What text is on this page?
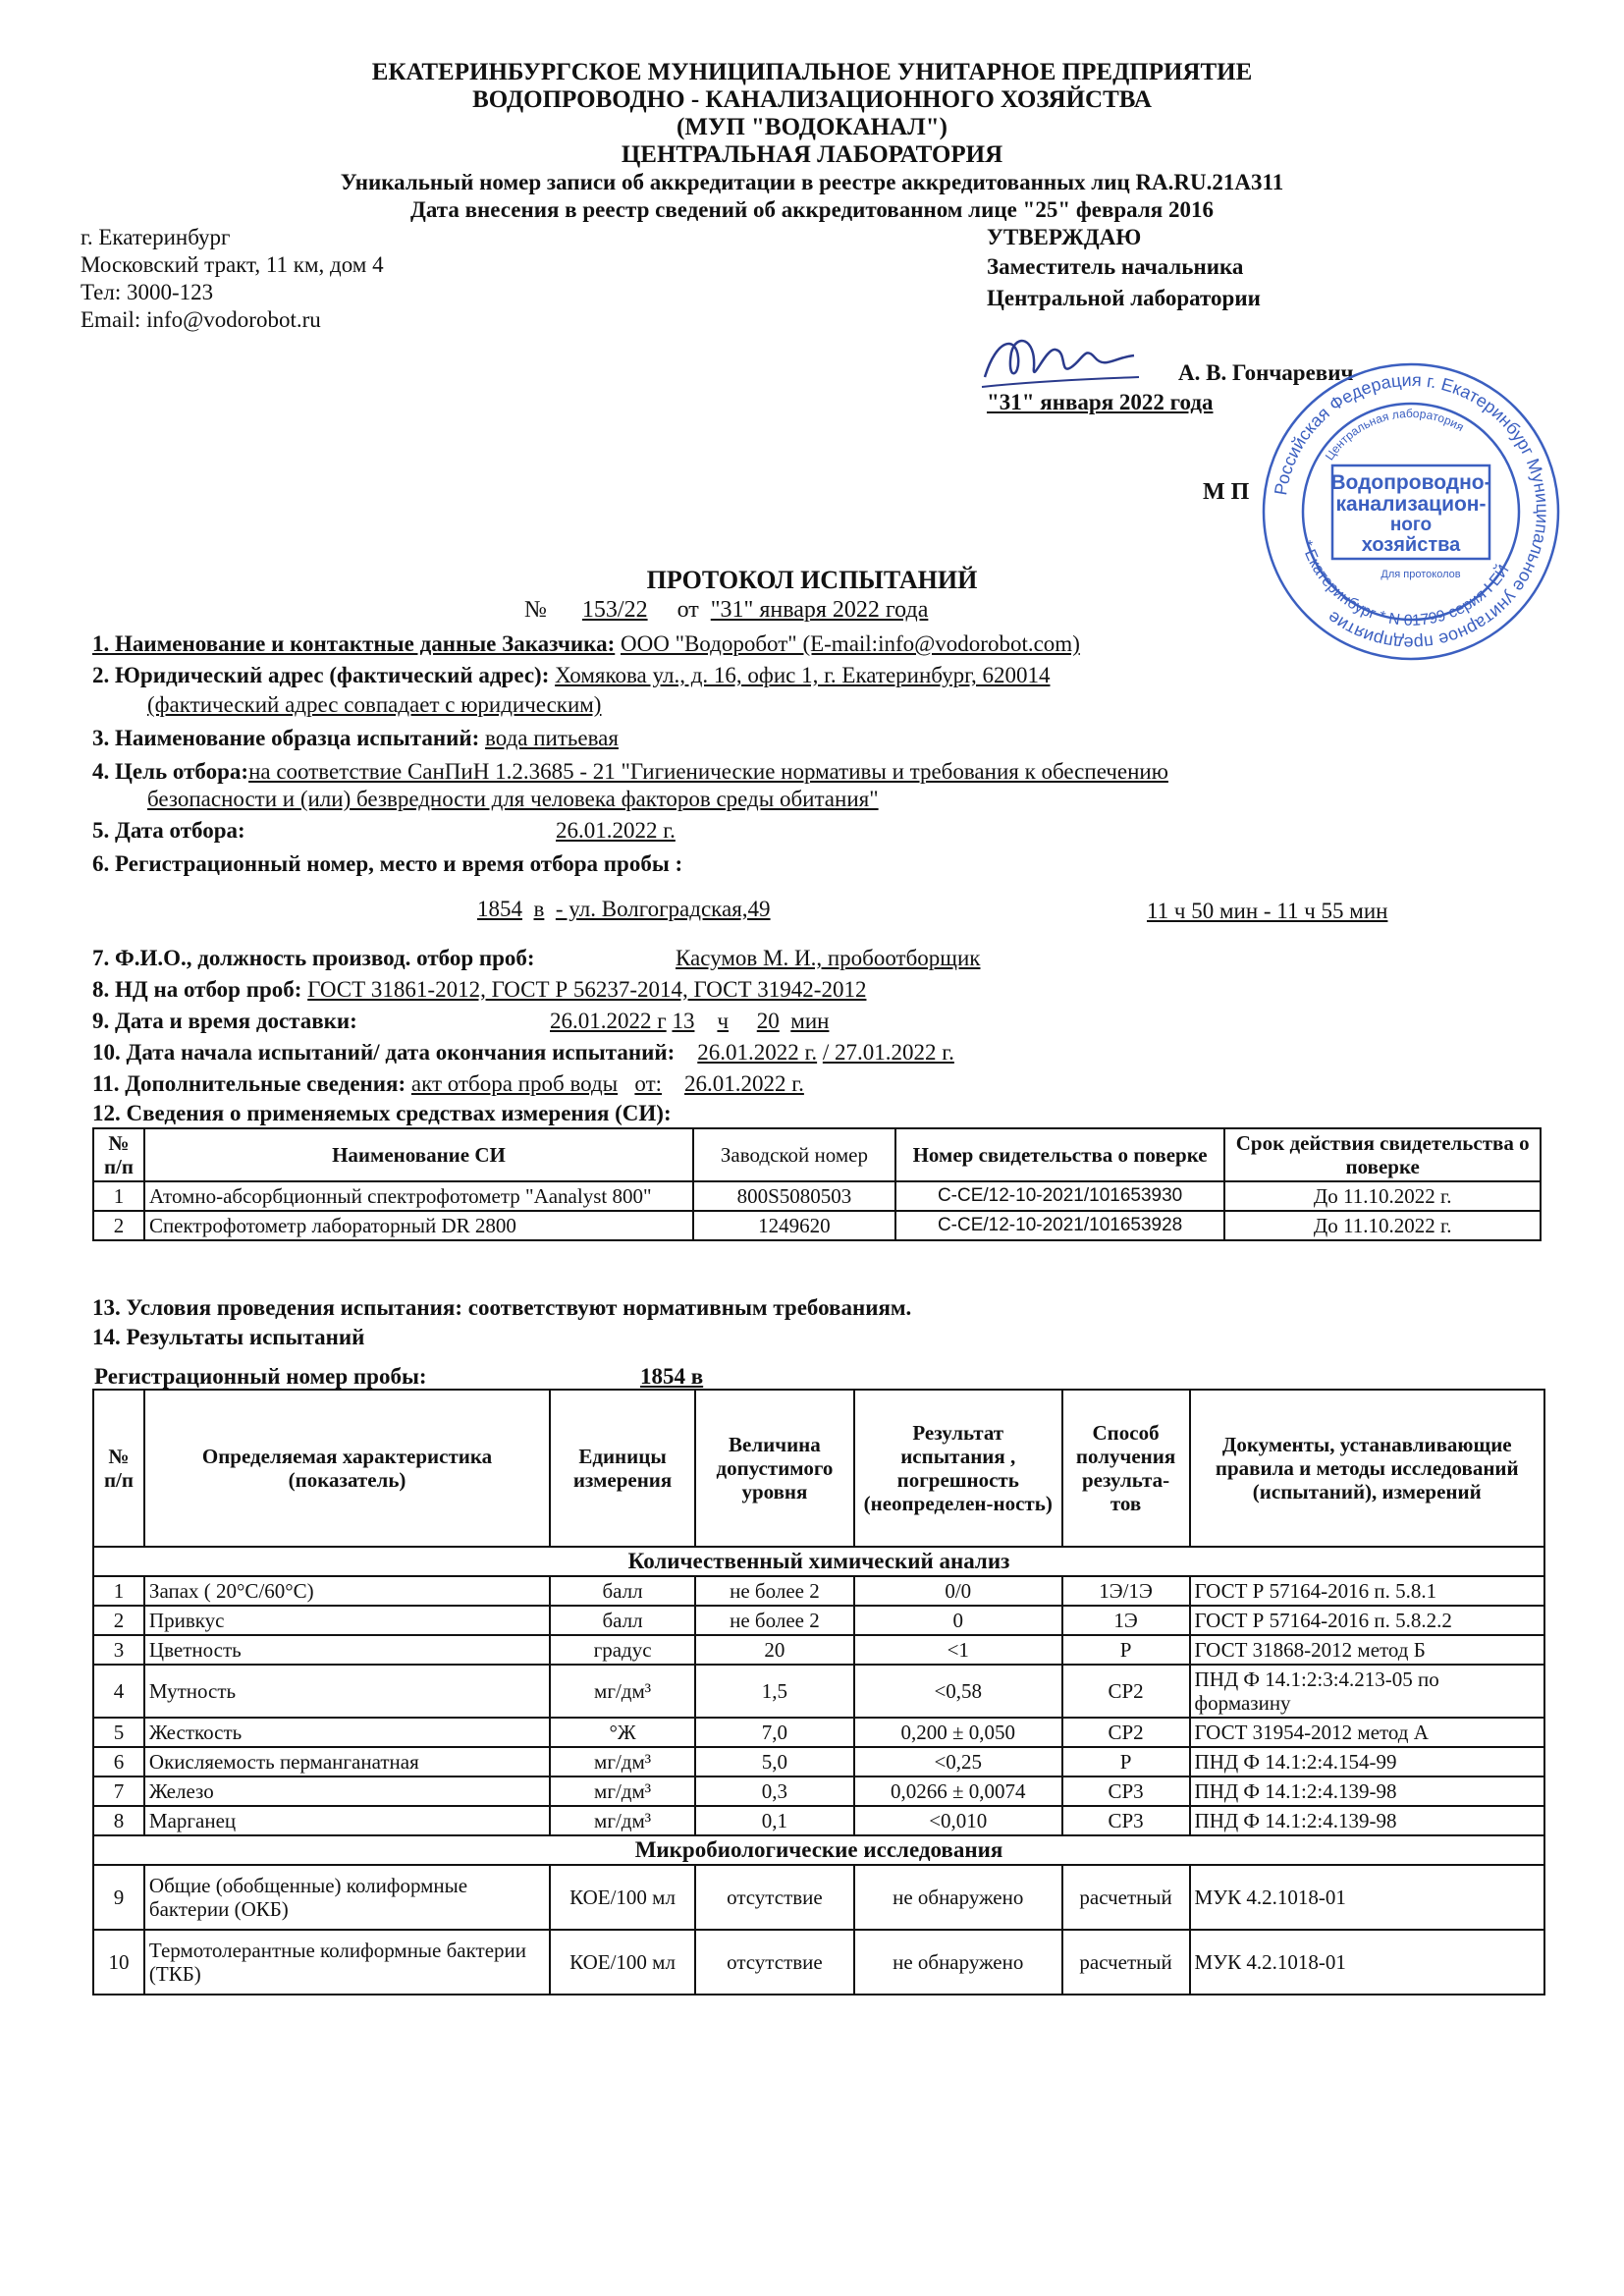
ЕКАТЕРИНБУРГСКОЕ МУНИЦИПАЛЬНОЕ УНИТАРНОЕ ПРЕДПРИЯТИЕ
ВОДОПРОВОДНО - КАНАЛИЗАЦИОННОГО ХОЗЯЙСТВА
(МУП "ВОДОКАНАЛ")
ЦЕНТРАЛЬНАЯ ЛАБОРАТОРИЯ
Уникальный номер записи об аккредитации в реестре аккредитованных лиц RA.RU.21А311
Дата внесения в реестр сведений об аккредитованном лице "25" февраля 2016
г. Екатеринбург
Московский тракт, 11 км, дом 4
Тел: 3000-123
Email: info@vodorobot.ru
УТВЕРЖДАЮ
Заместитель начальника
Центральной лаборатории
А. В. Гончаревич
"31" января 2022 года
М П Российская Федерация г. Екатеринбург Муниципальное унитарное предприятие
Центральная лаборатория
Водопроводно-
канализацион-
ного
хозяйства
Для протоколов
* Екатеринбург * N 01799 серия I ЕЙ
ПРОТОКОЛ ИСПЫТАНИЙ
№ 153/22 от "31" января 2022 года
1. Наименование и контактные данные Заказчика: ООО "Водоробот" (E-mail:info@vodorobot.com)
2. Юридический адрес (фактический адрес): Хомякова ул., д. 16, офис 1, г. Екатеринбург, 620014
(фактический адрес совпадает с юридическим)
3. Наименование образца испытаний: вода питьевая
4. Цель отбора:на соответствие СанПиН 1.2.3685 - 21 "Гигиенические нормативы и требования к обеспечению
безопасности и (или) безвредности для человека факторов среды обитания"
5. Дата отбора:	26.01.2022 г.
6. Регистрационный номер, место и время отбора пробы :
1854 в - ул. Волгоградская,49	11 ч 50 мин - 11 ч 55 мин
7. Ф.И.О., должность производ. отбор проб:	Касумов М. И., пробоотборщик
8. НД на отбор проб: ГОСТ 31861-2012, ГОСТ Р 56237-2014, ГОСТ 31942-2012
9. Дата и время доставки:	26.01.2022 г 13 ч 20 мин
10. Дата начала испытаний/ дата окончания испытаний: 26.01.2022 г. / 27.01.2022 г.
11. Дополнительные сведения: акт отбора проб воды от: 26.01.2022 г.
12. Сведения о применяемых средствах измерения (СИ):
№ п/п	Наименование СИ	Заводской номер	Номер свидетельства о поверке	Срок действия свидетельства о поверке
1	Атомно-абсорбционный спектрофотометр "Aanalyst 800"	800S5080503	С-СЕ/12-10-2021/101653930	До 11.10.2022 г.
2	Спектрофотометр лабораторный DR 2800	1249620	С-СЕ/12-10-2021/101653928	До 11.10.2022 г.
13. Условия проведения испытания: соответствуют нормативным требованиям.
14. Результаты испытаний
Регистрационный номер пробы:	1854 в
№ п/п	Определяемая характеристика (показатель)	Единицы измерения	Величина допустимого уровня	Результат испытания , погрешность (неопределен-ность)	Способ получения результа-тов	Документы, устанавливающие правила и методы исследований (испытаний), измерений
Количественный химический анализ						
1	Запах ( 20°С/60°С)	балл	не более 2	0/0	1Э/1Э	ГОСТ Р 57164-2016 п. 5.8.1
2	Привкус	балл	не более 2	0	1Э	ГОСТ Р 57164-2016 п. 5.8.2.2
3	Цветность	градус	20	<1	Р	ГОСТ 31868-2012 метод Б
4	Мутность	мг/дм³	1,5	<0,58	СР2	ПНД Ф 14.1:2:3:4.213-05 по формазину
5	Жесткость	°Ж	7,0	0,200 ± 0,050	СР2	ГОСТ 31954-2012 метод А
6	Окисляемость перманганатная	мг/дм³	5,0	<0,25	Р	ПНД Ф 14.1:2:4.154-99
7	Железо	мг/дм³	0,3	0,0266 ± 0,0074	СР3	ПНД Ф 14.1:2:4.139-98
8	Марганец	мг/дм³	0,1	<0,010	СР3	ПНД Ф 14.1:2:4.139-98
Микробиологические исследования						
9	Общие (обобщенные) колиформные бактерии (ОКБ)	КОЕ/100 мл	отсутствие	не обнаружено	расчетный	МУК 4.2.1018-01
10	Термотолерантные колиформные бактерии (ТКБ)	КОЕ/100 мл	отсутствие	не обнаружено	расчетный	МУК 4.2.1018-01
